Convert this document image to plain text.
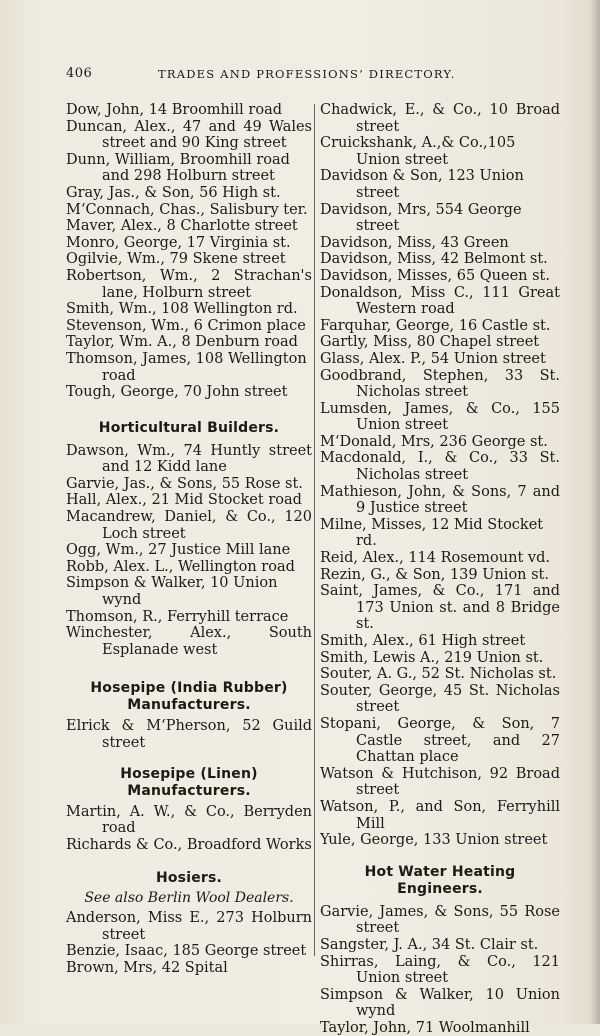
406	TRADES AND PROFESSIONS’ DIRECTORY.

Dow, John, 14 Broomhill road

Duncan, Alex., 47 and 49 Wales street and 90 King street

Dunn, William, Broomhill road and 298 Holburn street

Gray, Jas., & Son, 56 High st.

M‘Connach, Chas., Salisbury ter.

Maver, Alex., 8 Charlotte street

Monro, George, 17 Virginia st.

Ogilvie, Wm., 79 Skene street

Robertson, Wm., 2 Strachan's lane, Holburn street

Smith, Wm., 108 Wellington rd.

Stevenson, Wm., 6 Crimon place

Taylor, Wm. A., 8 Denburn road

Thomson, James, 108 Wellington road

Tough, George, 70 John street

Horticultural Builders.

Dawson, Wm., 74 Huntly street and 12 Kidd lane

Garvie, Jas., & Sons, 55 Rose st.

Hall, Alex., 21 Mid Stocket road

Macandrew, Daniel, & Co., 120 Loch street

Ogg, Wm., 27 Justice Mill lane

Robb, Alex. L., Wellington road

Simpson & Walker, 10 Union wynd

Thomson, R., Ferryhill terrace

Winchester, Alex., South Esplanade west

Hosepipe (India Rubber) Manufacturers.

Elrick & M‘Pherson, 52 Guild street

Hosepipe (Linen) Manufacturers.

Martin, A. W., & Co., Berryden road

Richards & Co., Broadford Works

Hosiers.
See also Berlin Wool Dealers.

Anderson, Miss E., 273 Holburn street

Benzie, Isaac, 185 George street

Brown, Mrs, 42 Spital

Chadwick, E., & Co., 10 Broad street

Cruickshank, A.,& Co.,105 Union street

Davidson & Son, 123 Union street

Davidson, Mrs, 554 George street

Davidson, Miss, 43 Green

Davidson, Miss, 42 Belmont st.

Davidson, Misses, 65 Queen st.

Donaldson, Miss C., 111 Great Western road

Farquhar, George, 16 Castle st.

Gartly, Miss, 80 Chapel street

Glass, Alex. P., 54 Union street

Goodbrand, Stephen, 33 St. Nicholas street

Lumsden, James, & Co., 155 Union street

M‘Donald, Mrs, 236 George st.

Macdonald, I., & Co., 33 St. Nicholas street

Mathieson, John, & Sons, 7 and 9 Justice street

Milne, Misses, 12 Mid Stocket rd.

Reid, Alex., 114 Rosemount vd.

Rezin, G., & Son, 139 Union st.

Saint, James, & Co., 171 and 173 Union st. and 8 Bridge st.

Smith, Alex., 61 High street

Smith, Lewis A., 219 Union st.

Souter, A. G., 52 St. Nicholas st.

Souter, George, 45 St. Nicholas street

Stopani, George, & Son, 7 Castle street, and 27 Chattan place

Watson & Hutchison, 92 Broad street

Watson, P., and Son, Ferryhill Mill

Yule, George, 133 Union street

Hot Water Heating Engineers.

Garvie, James, & Sons, 55 Rose street

Sangster, J. A., 34 St. Clair st.

Shirras, Laing, & Co., 121 Union street

Simpson & Walker, 10 Union wynd

Taylor, John, 71 Woolmanhill
